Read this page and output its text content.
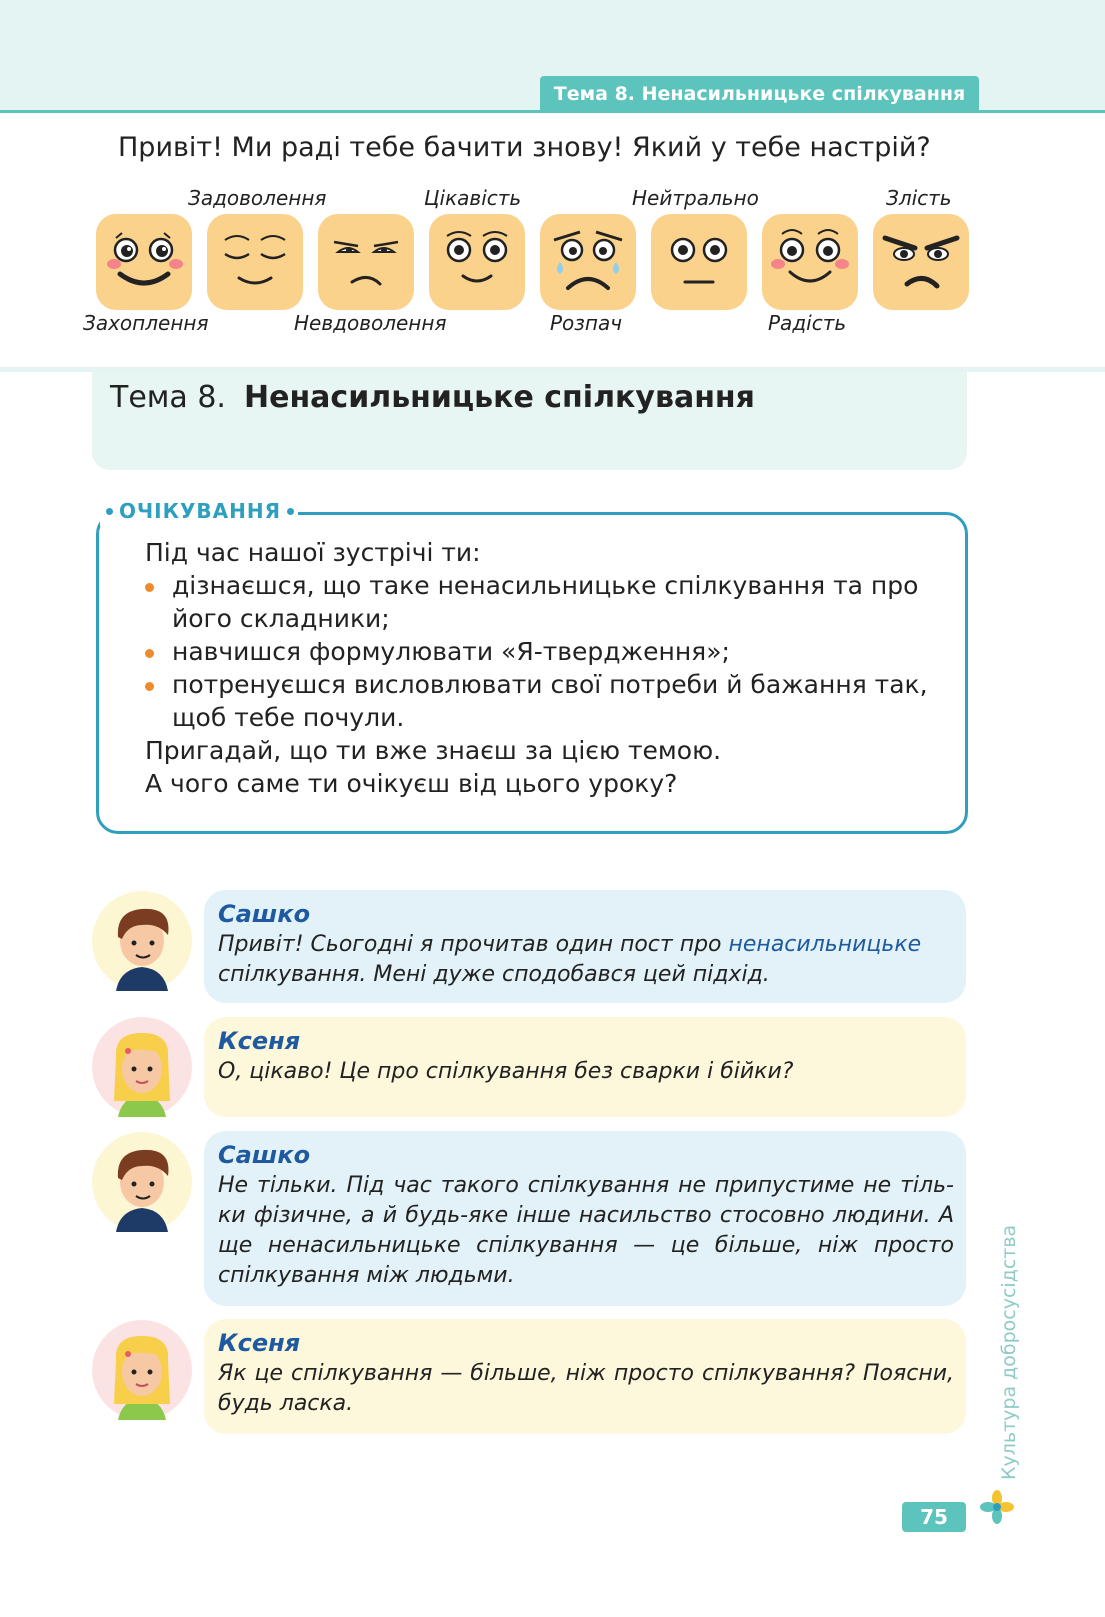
Тема 8. Ненасильницьке спілкування
Привіт! Ми раді тебе бачити знову! Який у тебе настрій?
Задоволення	Цікавість	Нейтрально	Злість
Захоплення	Невдоволення	Розпач	Радість
Тема 8. Ненасильницьке спілкування
ОЧІКУВАННЯ
Під час нашої зустрічі ти:
дізнаєшся, що таке ненасильницьке спілкування та про його складники;
навчишся формулювати «Я-твердження»;
потренуєшся висловлювати свої потреби й бажання так, щоб тебе почули.
Пригадай, що ти вже знаєш за цією темою.
А чого саме ти очікуєш від цього уроку?
Сашко
Привіт! Сьогодні я прочитав один пост про ненасильницьке спілкування. Мені дуже сподобався цей підхід.
Ксеня
О, цікаво! Це про спілкування без сварки і бійки?
Сашко
Не тільки. Під час такого спілкування не припустиме не тіль-ки фізичне, а й будь-яке інше насильство стосовно людини. А ще ненасильницьке спілкування — це більше, ніж просто спілкування між людьми.
Ксеня
Як це спілкування — більше, ніж просто спілкування? Поясни, будь ласка.	Культура добросусідства
75
